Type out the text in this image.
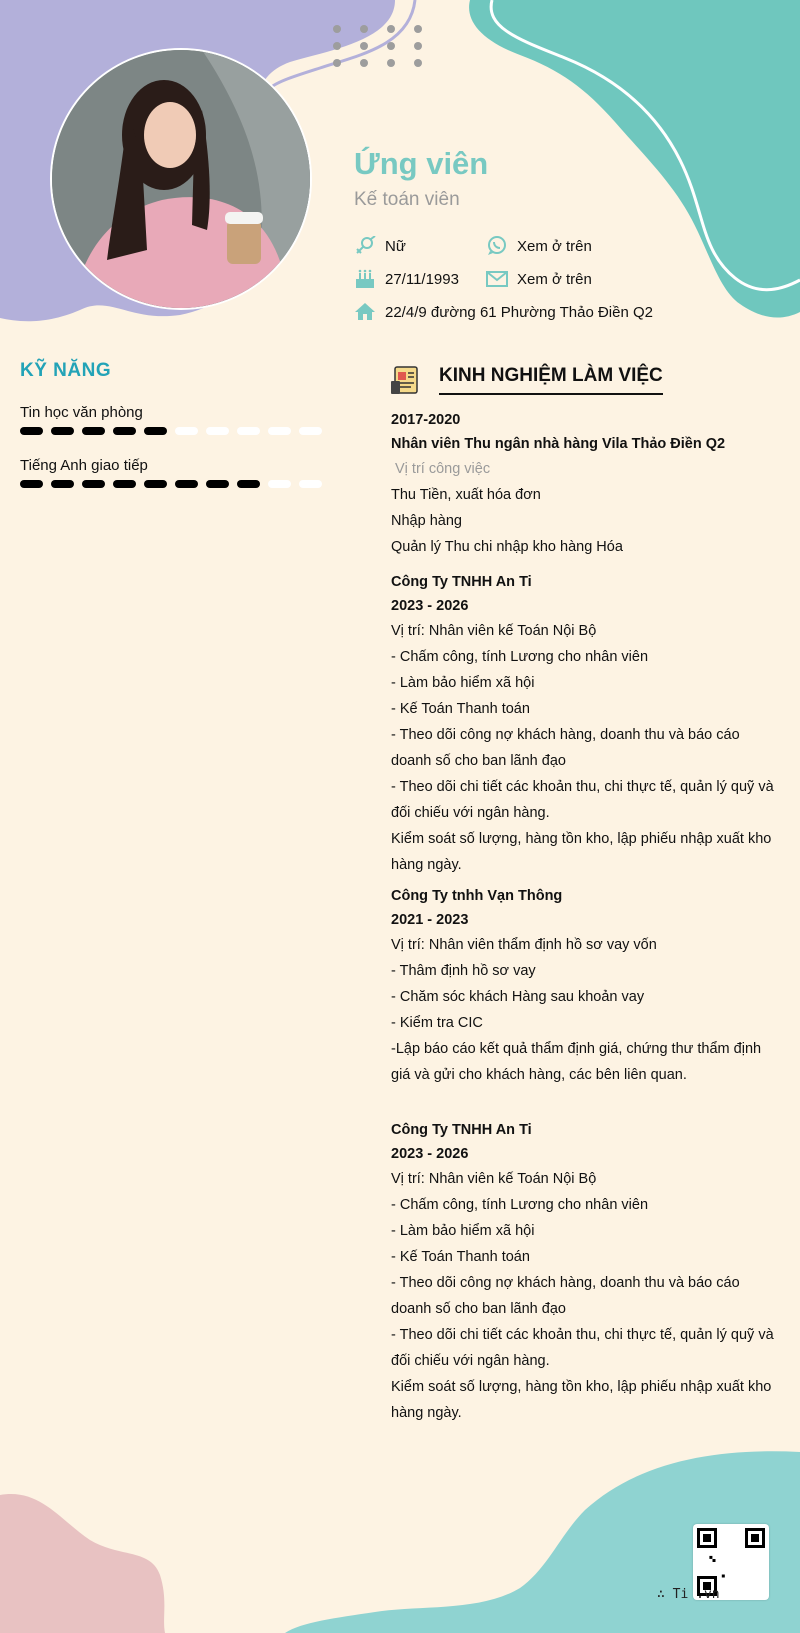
Ứng viên
Kế toán viên
Nữ	Xem ở trên
27/11/1993	Xem ở trên
22/4/9 đường 61 Phường Thảo Điền Q2
KỸ NĂNG
Tin học văn phòng
Tiếng Anh giao tiếp
KINH NGHIỆM LÀM VIỆC
2017-2020
Nhân viên Thu ngân nhà hàng Vila Thảo Điền Q2
Vị trí công việc
Thu Tiền, xuất hóa đơn
Nhập hàng
Quản lý Thu chi nhập kho hàng Hóa
Công Ty TNHH An Ti
2023 - 2026
Vị trí: Nhân viên kế Toán Nội Bộ
- Chấm công, tính Lương cho nhân viên
- Làm bảo hiểm xã hội
- Kế Toán Thanh toán
- Theo dõi công nợ khách hàng, doanh thu và báo cáo doanh số cho ban lãnh đạo
- Theo dõi chi tiết các khoản thu, chi thực tế, quản lý quỹ và đối chiếu với ngân hàng.
Kiểm soát số lượng, hàng tồn kho, lập phiếu nhập xuất kho hàng ngày.
Công Ty tnhh Vạn Thông
2021 - 2023
Vị trí: Nhân viên thẩm định hồ sơ vay vốn
- Thâm định hồ sơ vay
- Chăm sóc khách Hàng sau khoản vay
- Kiểm tra CIC
-Lập báo cáo kết quả thẩm định giá, chứng thư thẩm định giá và gửi cho khách hàng, các bên liên quan.
Công Ty TNHH An Ti
2023 - 2026
Vị trí: Nhân viên kế Toán Nội Bộ
- Chấm công, tính Lương cho nhân viên
- Làm bảo hiểm xã hội
- Kế Toán Thanh toán
- Theo dõi công nợ khách hàng, doanh thu và báo cáo doanh số cho ban lãnh đạo
- Theo dõi chi tiết các khoản thu, chi thực tế, quản lý quỹ và đối chiếu với ngân hàng.
Kiểm soát số lượng, hàng tồn kho, lập phiếu nhập xuất kho hàng ngày.
∴ Ti .vn
